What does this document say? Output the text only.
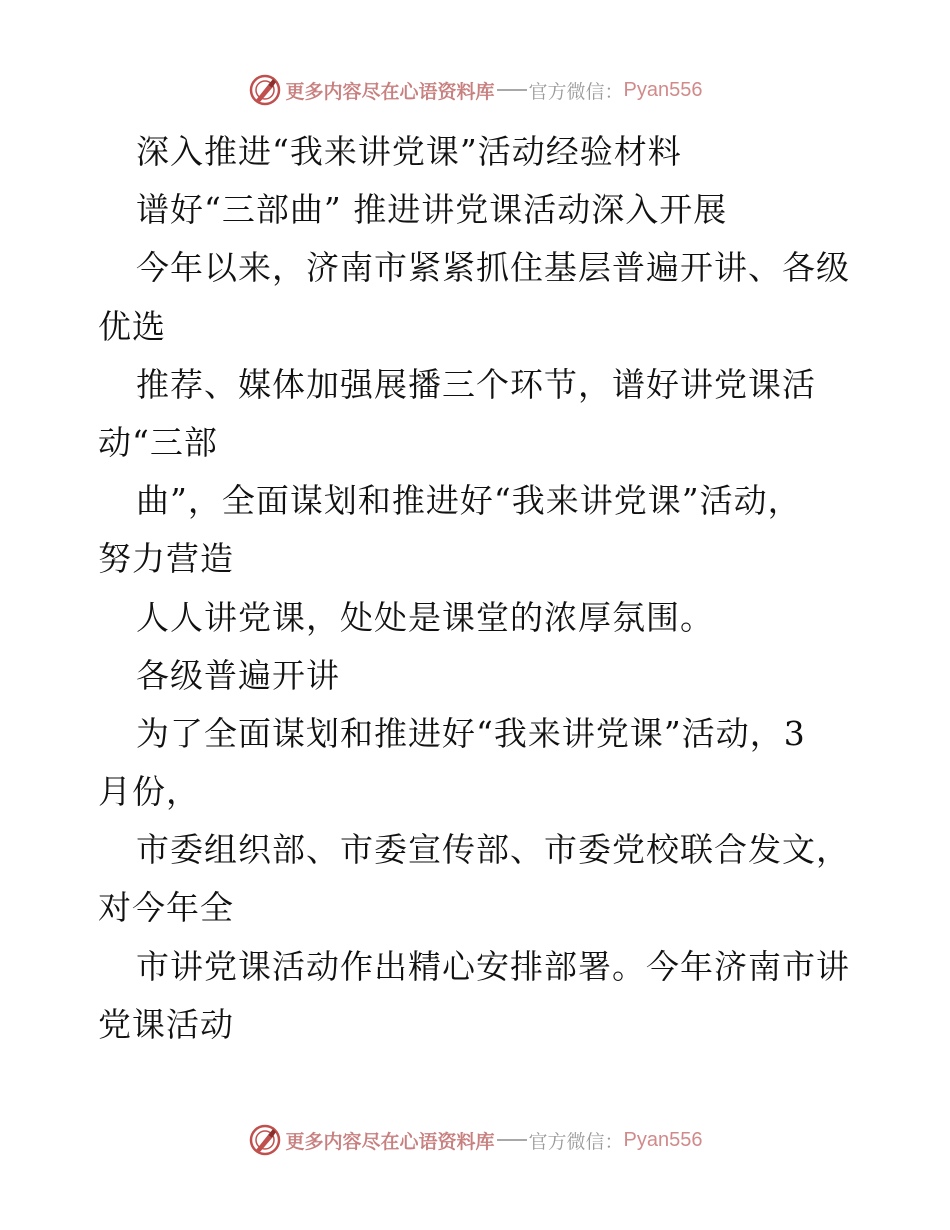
更多内容尽在心语资料库 官方微信： Pyan556
深入推进“我来讲党课”活动经验材料
谱好“三部曲” 推进讲党课活动深入开展
今年以来，济南市紧紧抓住基层普遍开讲、各级
优选
推荐、媒体加强展播三个环节，谱好讲党课活
动“三部
曲”，全面谋划和推进好“我来讲党课”活动，
努力营造
人人讲党课，处处是课堂的浓厚氛围。
各级普遍开讲
为了全面谋划和推进好“我来讲党课”活动，3
月份，
市委组织部、市委宣传部、市委党校联合发文，
对今年全
市讲党课活动作出精心安排部署。今年济南市讲
党课活动
更多内容尽在心语资料库 官方微信： Pyan556
